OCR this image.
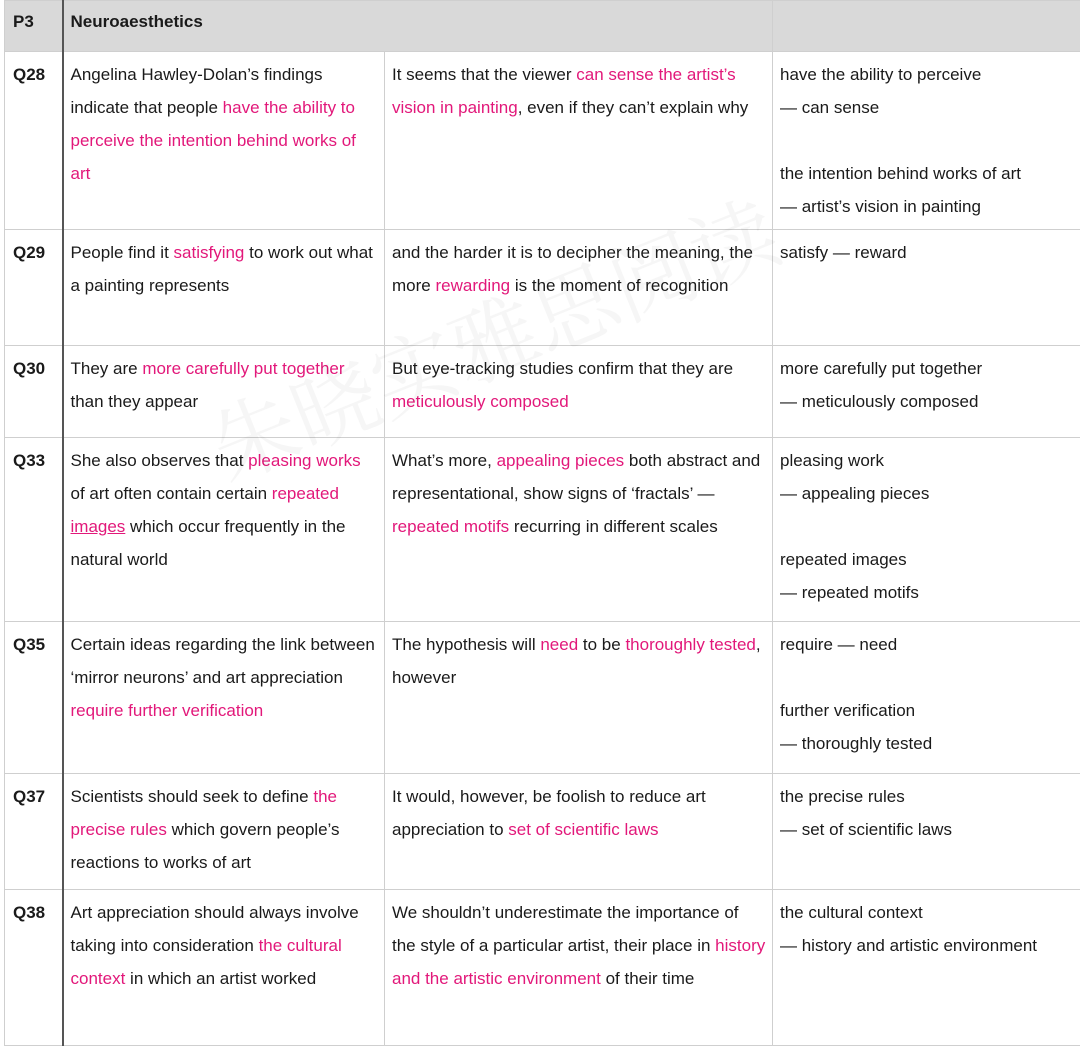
P3	Neuroaesthetics		
Q28	Angelina Hawley-Dolan’s findings indicate that people have the ability to perceive the intention behind works of art	It seems that the viewer can sense the artist’s vision in painting, even if they can’t explain why	have the ability to perceive
— can sense
the intention behind works of art
— artist’s vision in painting

Q29	People find it satisfying to work out what a painting represents	and the harder it is to decipher the meaning, the more rewarding is the moment of recognition	satisfy — reward

Q30	They are more carefully put together than they appear	But eye-tracking studies confirm that they are meticulously composed	more carefully put together
— meticulously composed

Q33	She also observes that pleasing works of art often contain certain repeated images which occur frequently in the natural world	What’s more, appealing pieces both abstract and representational, show signs of ‘fractals’ —repeated motifs recurring in different scales	pleasing work
— appealing pieces
repeated images
— repeated motifs

Q35	Certain ideas regarding the link between ‘mirror neurons’ and art appreciation require further verification	The hypothesis will need to be thoroughly tested, however	require — need
further verification
— thoroughly tested

Q37	Scientists should seek to define the precise rules which govern people’s reactions to works of art	It would, however, be foolish to reduce art appreciation to set of scientific laws	the precise rules
— set of scientific laws

Q38	Art appreciation should always involve taking into consideration the cultural context in which an artist worked	We shouldn’t underestimate the importance of the style of a particular artist, their place in history and the artistic environment of their time	the cultural context
— history and artistic environment
